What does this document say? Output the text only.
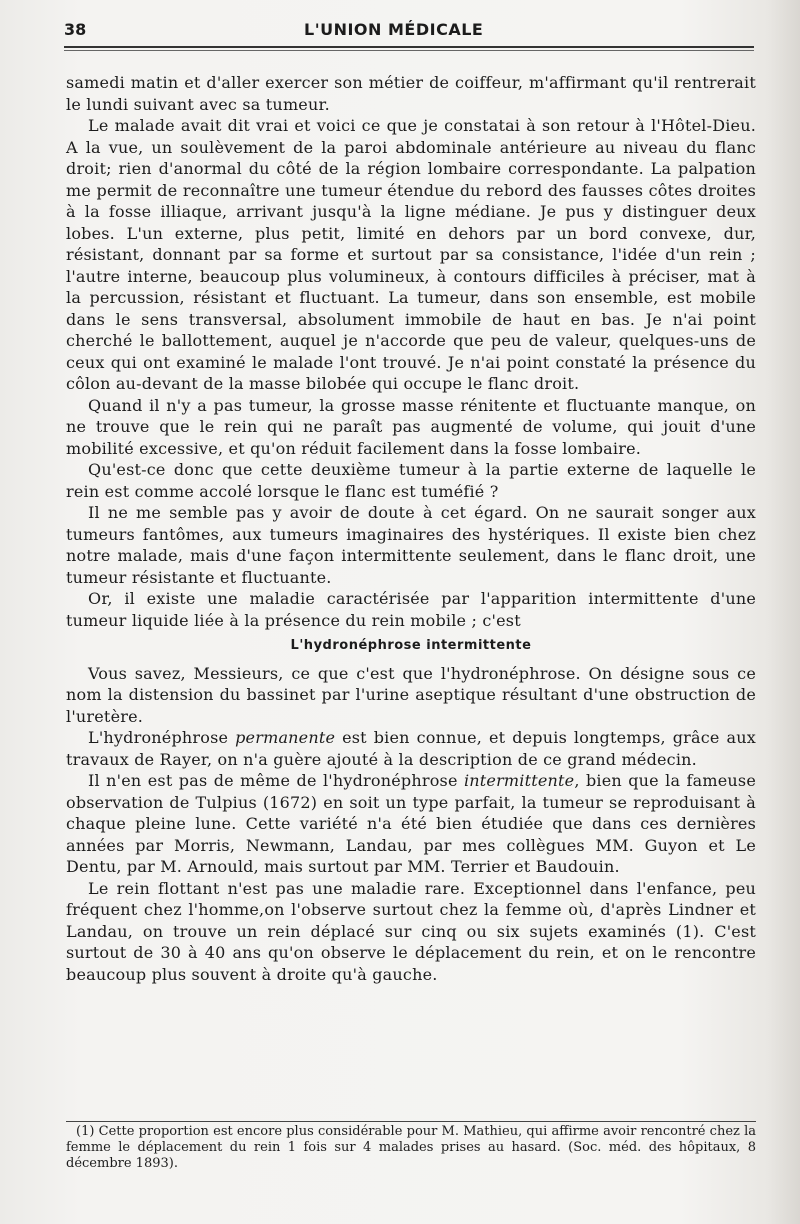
38	L'UNION MÉDICALE

samedi matin et d'aller exercer son métier de coiffeur, m'affirmant qu'il rentrerait le lundi suivant avec sa tumeur.

Le malade avait dit vrai et voici ce que je constatai à son retour à l'Hôtel-Dieu. A la vue, un soulèvement de la paroi abdominale antérieure au niveau du flanc droit; rien d'anormal du côté de la région lombaire correspondante. La palpation me permit de reconnaître une tumeur étendue du rebord des fausses côtes droites à la fosse illiaque, arrivant jusqu'à la ligne médiane. Je pus y distinguer deux lobes. L'un externe, plus petit, limité en dehors par un bord convexe, dur, résistant, donnant par sa forme et surtout par sa consistance, l'idée d'un rein ; l'autre interne, beaucoup plus volumineux, à contours difficiles à préciser, mat à la percussion, résistant et fluctuant. La tumeur, dans son ensemble, est mobile dans le sens transversal, absolument immobile de haut en bas. Je n'ai point cherché le ballottement, auquel je n'accorde que peu de valeur, quelques-uns de ceux qui ont examiné le malade l'ont trouvé. Je n'ai point constaté la présence du côlon au-devant de la masse bilobée qui occupe le flanc droit.

Quand il n'y a pas tumeur, la grosse masse rénitente et fluctuante manque, on ne trouve que le rein qui ne paraît pas augmenté de volume, qui jouit d'une mobilité excessive, et qu'on réduit facilement dans la fosse lombaire.

Qu'est-ce donc que cette deuxième tumeur à la partie externe de laquelle le rein est comme accolé lorsque le flanc est tuméfié ?

Il ne me semble pas y avoir de doute à cet égard. On ne saurait songer aux tumeurs fantômes, aux tumeurs imaginaires des hystériques. Il existe bien chez notre malade, mais d'une façon intermittente seulement, dans le flanc droit, une tumeur résistante et fluctuante.

Or, il existe une maladie caractérisée par l'apparition intermittente d'une tumeur liquide liée à la présence du rein mobile ; c'est

L'hydronéphrose intermittente

Vous savez, Messieurs, ce que c'est que l'hydronéphrose. On désigne sous ce nom la distension du bassinet par l'urine aseptique résultant d'une obstruction de l'uretère.

L'hydronéphrose permanente est bien connue, et depuis longtemps, grâce aux travaux de Rayer, on n'a guère ajouté à la description de ce grand médecin.

Il n'en est pas de même de l'hydronéphrose intermittente, bien que la fameuse observation de Tulpius (1672) en soit un type parfait, la tumeur se reproduisant à chaque pleine lune. Cette variété n'a été bien étudiée que dans ces dernières années par Morris, Newmann, Landau, par mes collègues MM. Guyon et Le Dentu, par M. Arnould, mais surtout par MM. Terrier et Baudouin.

Le rein flottant n'est pas une maladie rare. Exceptionnel dans l'enfance, peu fréquent chez l'homme,on l'observe surtout chez la femme où, d'après Lindner et Landau, on trouve un rein déplacé sur cinq ou six sujets examinés (1). C'est surtout de 30 à 40 ans qu'on observe le déplacement du rein, et on le rencontre beaucoup plus souvent à droite qu'à gauche.

(1) Cette proportion est encore plus considérable pour M. Mathieu, qui affirme avoir rencontré chez la femme le déplacement du rein 1 fois sur 4 malades prises au hasard. (Soc. méd. des hôpitaux, 8 décembre 1893).
